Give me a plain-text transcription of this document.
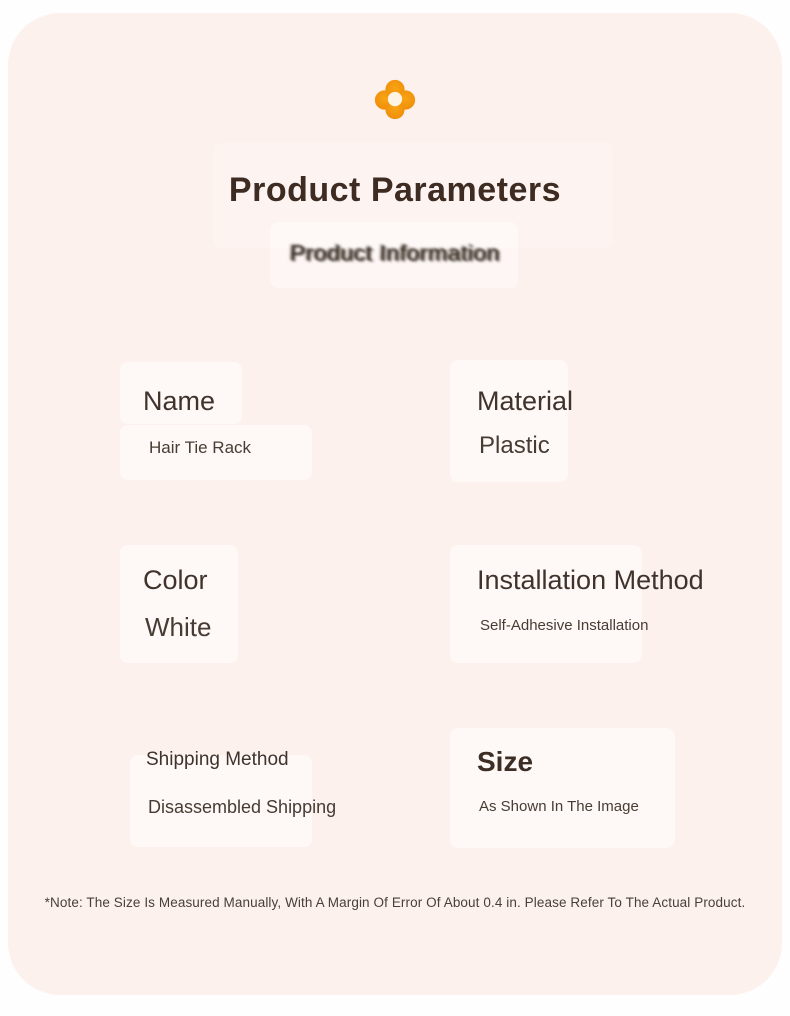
Product Parameters
Product Information
Name
Hair Tie Rack
Material
Plastic
Color
White
Installation Method
Self-Adhesive Installation
Shipping Method
Disassembled Shipping
Size
As Shown In The Image
*Note: The Size Is Measured Manually, With A Margin Of Error Of About 0.4 in. Please Refer To The Actual Product.
